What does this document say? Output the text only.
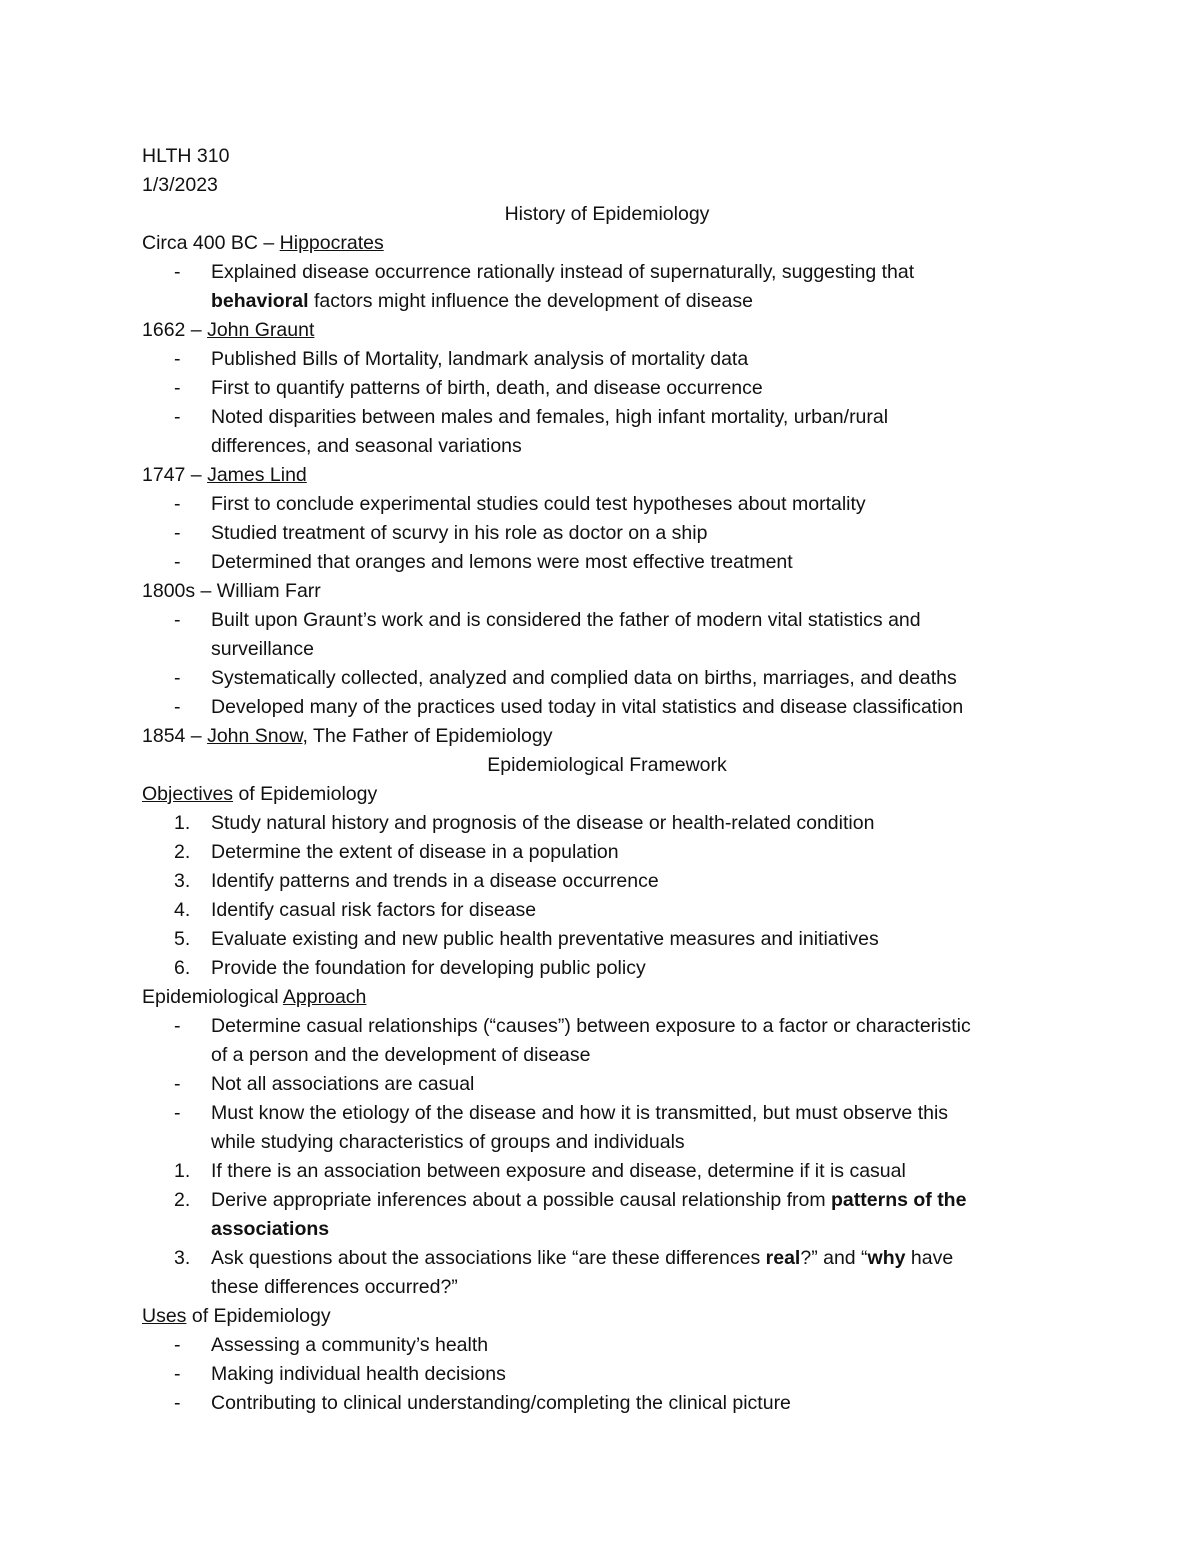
HLTH 310
1/3/2023
History of Epidemiology
Circa 400 BC – Hippocrates
- Explained disease occurrence rationally instead of supernaturally, suggesting that
behavioral factors might influence the development of disease
1662 – John Graunt
- Published Bills of Mortality, landmark analysis of mortality data
- First to quantify patterns of birth, death, and disease occurrence
- Noted disparities between males and females, high infant mortality, urban/rural
differences, and seasonal variations
1747 – James Lind
- First to conclude experimental studies could test hypotheses about mortality
- Studied treatment of scurvy in his role as doctor on a ship
- Determined that oranges and lemons were most effective treatment
1800s – William Farr
- Built upon Graunt’s work and is considered the father of modern vital statistics and
surveillance
- Systematically collected, analyzed and complied data on births, marriages, and deaths
- Developed many of the practices used today in vital statistics and disease classification
1854 – John Snow, The Father of Epidemiology
Epidemiological Framework
Objectives of Epidemiology
1. Study natural history and prognosis of the disease or health-related condition
2. Determine the extent of disease in a population
3. Identify patterns and trends in a disease occurrence
4. Identify casual risk factors for disease
5. Evaluate existing and new public health preventative measures and initiatives
6. Provide the foundation for developing public policy
Epidemiological Approach
- Determine casual relationships (“causes”) between exposure to a factor or characteristic
of a person and the development of disease
- Not all associations are casual
- Must know the etiology of the disease and how it is transmitted, but must observe this
while studying characteristics of groups and individuals
1. If there is an association between exposure and disease, determine if it is casual
2. Derive appropriate inferences about a possible causal relationship from patterns of the
associations
3. Ask questions about the associations like “are these differences real?” and “why have
these differences occurred?”
Uses of Epidemiology
- Assessing a community’s health
- Making individual health decisions
- Contributing to clinical understanding/completing the clinical picture
